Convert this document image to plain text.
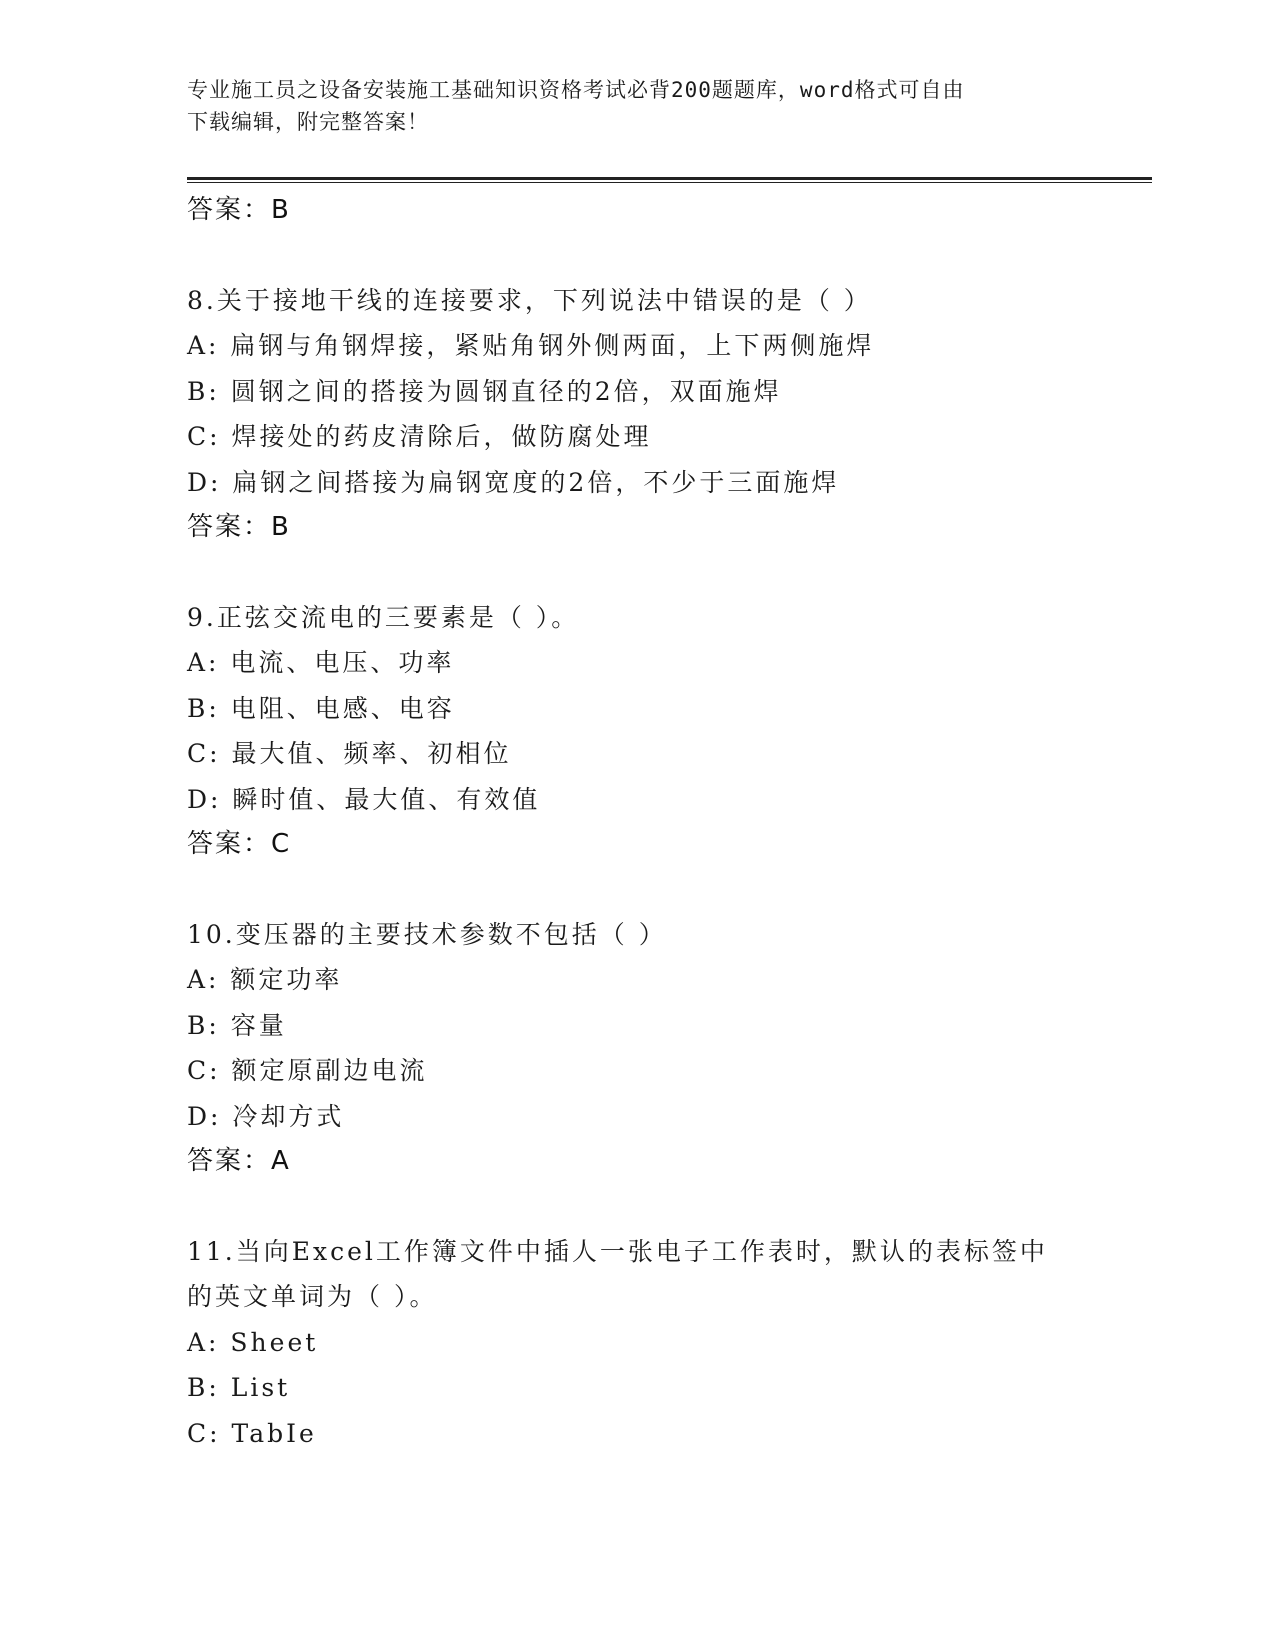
专业施工员之设备安装施工基础知识资格考试必背200题题库，word格式可自由
下载编辑，附完整答案！
答案：B
8.关于接地干线的连接要求，下列说法中错误的是（ ）
A: 扁钢与角钢焊接，紧贴角钢外侧两面，上下两侧施焊
B: 圆钢之间的搭接为圆钢直径的2倍，双面施焊
C: 焊接处的药皮清除后，做防腐处理
D: 扁钢之间搭接为扁钢宽度的2倍，不少于三面施焊
答案：B
9.正弦交流电的三要素是（ ）。
A: 电流、电压、功率
B: 电阻、电感、电容
C: 最大值、频率、初相位
D: 瞬时值、最大值、有效值
答案：C
10.变压器的主要技术参数不包括（ ）
A: 额定功率
B: 容量
C: 额定原副边电流
D: 冷却方式
答案：A
11.当向Excel工作簿文件中插人一张电子工作表时，默认的表标签中
的英文单词为（ ）。
A: Sheet
B: List
C: TabIe
